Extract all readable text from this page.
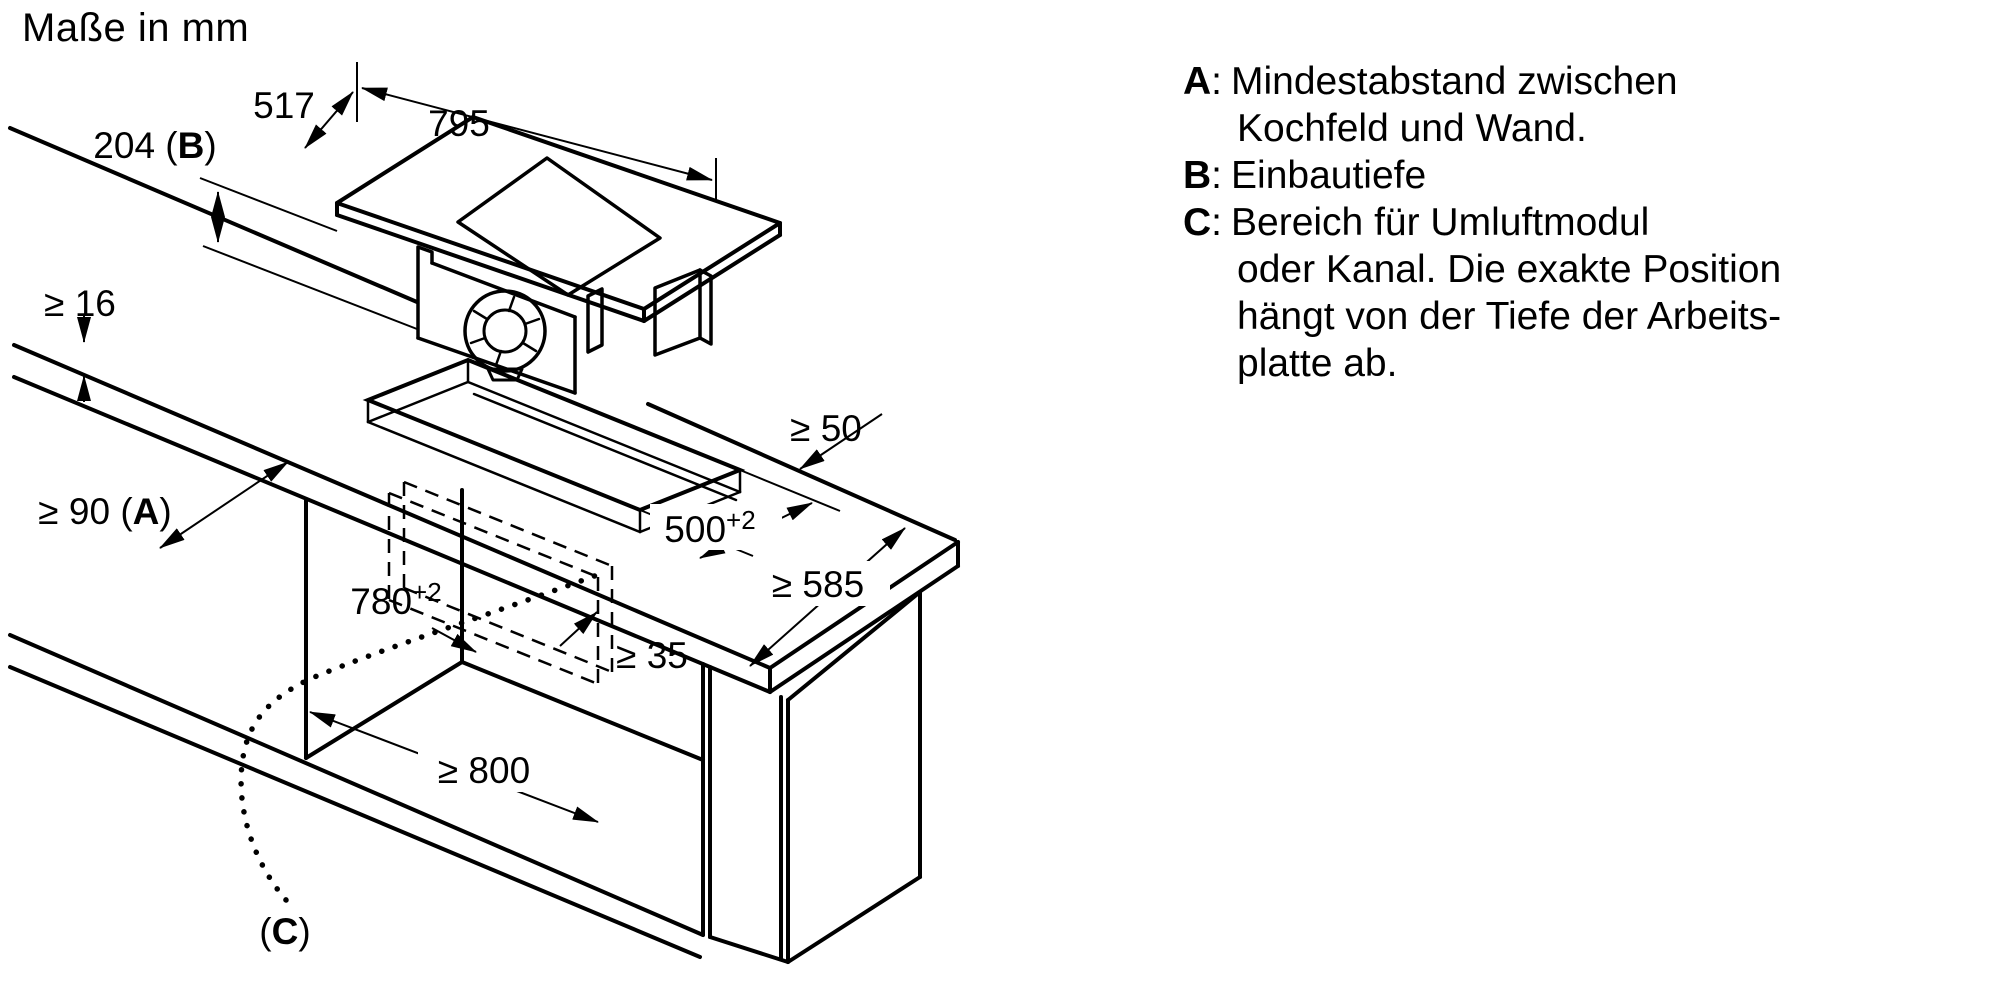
Maße in mm
517	795
204 (B)
≥ 16
≥ 90 (A)
≥ 50
$500^{+2}$
≥ 585
$780^{+2}$
≥ 35
≥ 800
(C)
A: Mindestabstand zwischen
Kochfeld und Wand.
B: Einbautiefe
C: Bereich für Umluftmodul
oder Kanal. Die exakte Position
hängt von der Tiefe der Arbeits-
platte ab.
